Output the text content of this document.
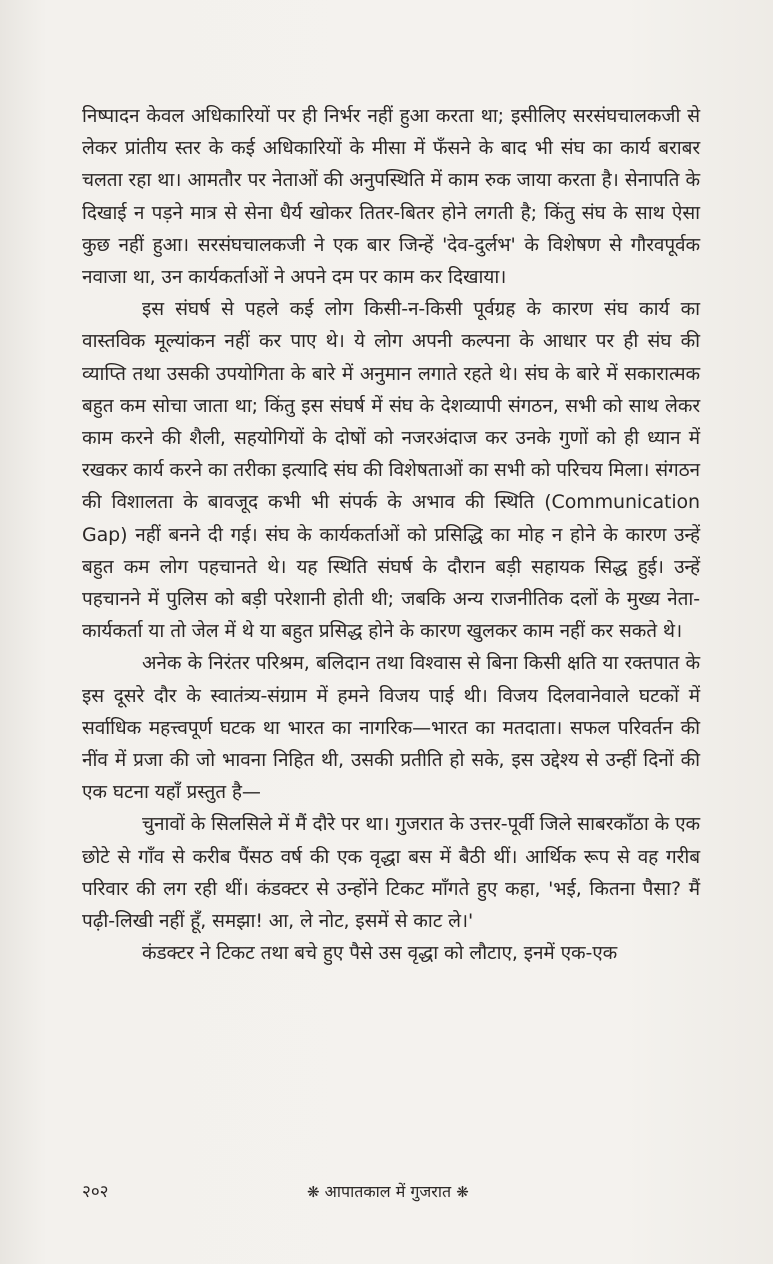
निष्पादन केवल अधिकारियों पर ही निर्भर नहीं हुआ करता था; इसीलिए सरसंघचालकजी से लेकर प्रांतीय स्तर के कई अधिकारियों के मीसा में फँसने के बाद भी संघ का कार्य बराबर चलता रहा था। आमतौर पर नेताओं की अनुपस्थिति में काम रुक जाया करता है। सेनापति के दिखाई न पड़ने मात्र से सेना धैर्य खोकर तितर-बितर होने लगती है; किंतु संघ के साथ ऐसा कुछ नहीं हुआ। सरसंघचालकजी ने एक बार जिन्हें 'देव-दुर्लभ' के विशेषण से गौरवपूर्वक नवाजा था, उन कार्यकर्ताओं ने अपने दम पर काम कर दिखाया।

इस संघर्ष से पहले कई लोग किसी-न-किसी पूर्वग्रह के कारण संघ कार्य का वास्तविक मूल्यांकन नहीं कर पाए थे। ये लोग अपनी कल्पना के आधार पर ही संघ की व्याप्ति तथा उसकी उपयोगिता के बारे में अनुमान लगाते रहते थे। संघ के बारे में सकारात्मक बहुत कम सोचा जाता था; किंतु इस संघर्ष में संघ के देशव्यापी संगठन, सभी को साथ लेकर काम करने की शैली, सहयोगियों के दोषों को नजरअंदाज कर उनके गुणों को ही ध्यान में रखकर कार्य करने का तरीका इत्यादि संघ की विशेषताओं का सभी को परिचय मिला। संगठन की विशालता के बावजूद कभी भी संपर्क के अभाव की स्थिति (Communication Gap) नहीं बनने दी गई। संघ के कार्यकर्ताओं को प्रसिद्धि का मोह न होने के कारण उन्हें बहुत कम लोग पहचानते थे। यह स्थिति संघर्ष के दौरान बड़ी सहायक सिद्ध हुई। उन्हें पहचानने में पुलिस को बड़ी परेशानी होती थी; जबकि अन्य राजनीतिक दलों के मुख्य नेता-कार्यकर्ता या तो जेल में थे या बहुत प्रसिद्ध होने के कारण खुलकर काम नहीं कर सकते थे।

अनेक के निरंतर परिश्रम, बलिदान तथा विश्वास से बिना किसी क्षति या रक्तपात के इस दूसरे दौर के स्वातंत्र्य-संग्राम में हमने विजय पाई थी। विजय दिलवानेवाले घटकों में सर्वाधिक महत्त्वपूर्ण घटक था भारत का नागरिक—भारत का मतदाता। सफल परिवर्तन की नींव में प्रजा की जो भावना निहित थी, उसकी प्रतीति हो सके, इस उद्देश्य से उन्हीं दिनों की एक घटना यहाँ प्रस्तुत है—

चुनावों के सिलसिले में मैं दौरे पर था। गुजरात के उत्तर-पूर्वी जिले साबरकाँठा के एक छोटे से गाँव से करीब पैंसठ वर्ष की एक वृद्धा बस में बैठी थीं। आर्थिक रूप से वह गरीब परिवार की लग रही थीं। कंडक्टर से उन्होंने टिकट माँगते हुए कहा, 'भई, कितना पैसा? मैं पढ़ी-लिखी नहीं हूँ, समझा! आ, ले नोट, इसमें से काट ले।'

कंडक्टर ने टिकट तथा बचे हुए पैसे उस वृद्धा को लौटाए, इनमें एक-एक

२०२	❋ आपातकाल में गुजरात ❋
